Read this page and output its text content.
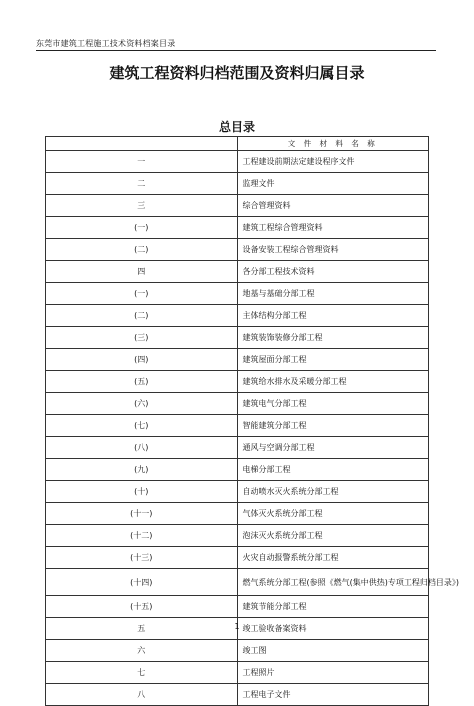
东莞市建筑工程施工技术资料档案目录
建筑工程资料归档范围及资料归属目录
总目录
	文 件 材 料 名 称
一	工程建设前期法定建设程序文件
二	监理文件
三	综合管理资料
(一)	建筑工程综合管理资料
(二)	设备安装工程综合管理资料
四	各分部工程技术资料
(一)	地基与基础分部工程
(二)	主体结构分部工程
(三)	建筑装饰装修分部工程
(四)	建筑屋面分部工程
(五)	建筑给水排水及采暖分部工程
(六)	建筑电气分部工程
(七)	智能建筑分部工程
(八)	通风与空调分部工程
(九)	电梯分部工程
(十)	自动喷水灭火系统分部工程
(十一)	气体灭火系统分部工程
(十二)	泡沫灭火系统分部工程
(十三)	火灾自动报警系统分部工程
(十四)	燃气系统分部工程(参照《燃气(集中供热)专项工程归档目录》)
(十五)	建筑节能分部工程
五	竣工验收备案资料
六	竣工图
七	工程照片
八	工程电子文件
1
